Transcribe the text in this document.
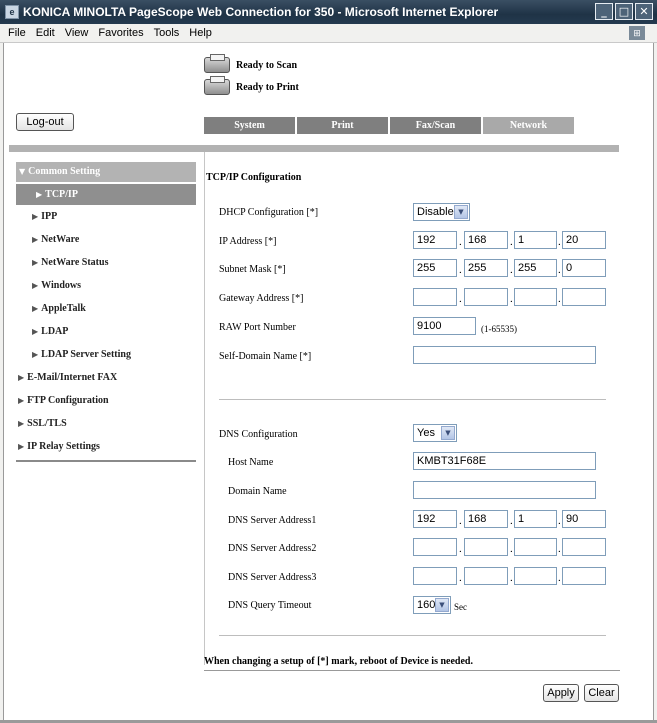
e KONICA MINOLTA PageScope Web Connection for 350 - Microsoft Internet Explorer	_	□ ✕
File Edit View Favorites Tools Help	⊞
Ready to Scan
Ready to Print
Log-out	System	Print	Fax/Scan	Network
▼ Common Setting
▶ TCP/IP
▶ IPP
▶ NetWare
▶ NetWare Status
▶ Windows
▶ AppleTalk
▶ LDAP
▶ LDAP Server Setting
▶ E-Mail/Internet FAX
▶ FTP Configuration
▶ SSL/TLS
▶ IP Relay Settings
TCP/IP Configuration
DHCP Configuration [*]	Disable ▼
IP Address [*]	192	. 168	. 1	. 20
Subnet Mask [*]	255	. 255	. 255	. 0
Gateway Address [*]	.	.	.
RAW Port Number	9100	(1-65535)
Self-Domain Name [*]
DNS Configuration	Yes	▼
Host Name	KMBT31F68E
Domain Name
DNS Server Address1	192	. 168	. 1	. 90
DNS Server Address2	.	.	.
DNS Server Address3	.	.	.
DNS Query Timeout	160 ▼	Sec
When changing a setup of [*] mark, reboot of Device is needed.
Apply	Clear
